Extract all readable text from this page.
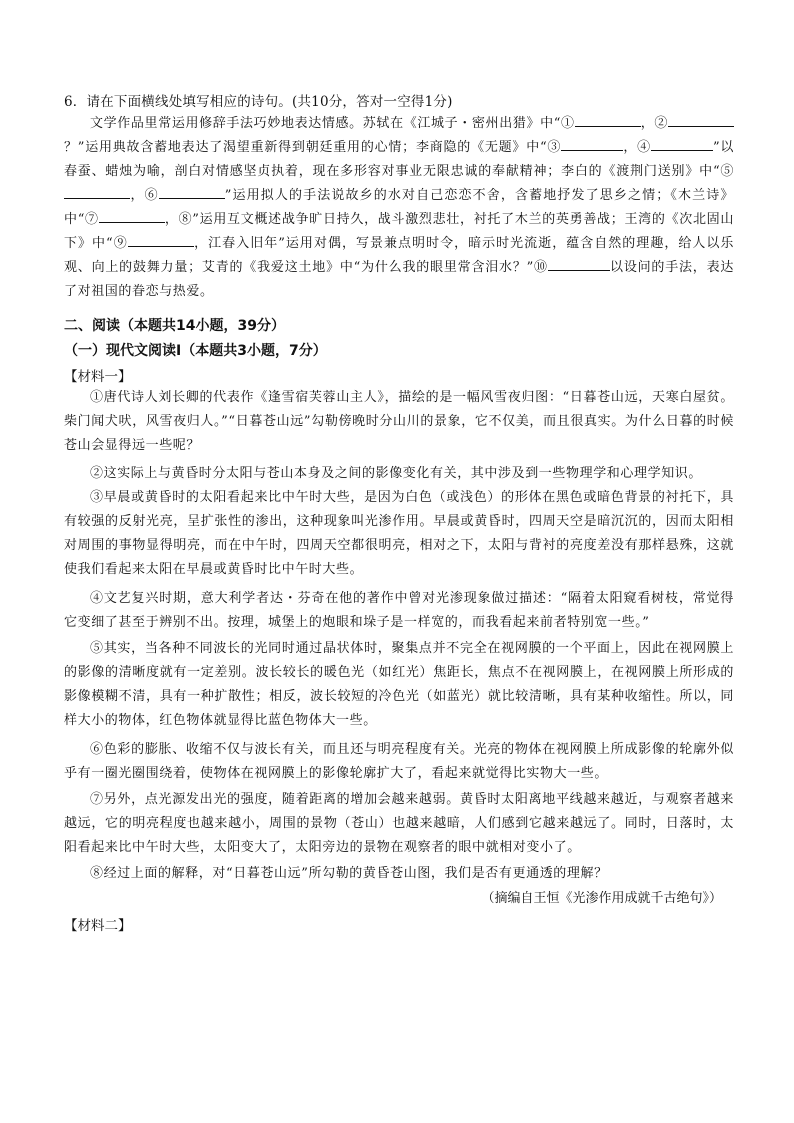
6．请在下面横线处填写相应的诗句。(共10分，答对一空得1分)
文学作品里常运用修辞手法巧妙地表达情感。苏轼在《江城子・密州出猎》中“①	，②？”运用典故含蓄地表达了渴望重新得到朝廷重用的心情；李商隐的《无题》中“③	，④	”以春蚕、蜡烛为喻，剖白对情感坚贞执着，现在多形容对事业无限忠诚的奉献精神；李白的《渡荆门送别》中“⑤，⑥	”运用拟人的手法说故乡的水对自己恋恋不舍，含蓄地抒发了思乡之情；《木兰诗》中“⑦	，⑧”运用互文概述战争旷日持久，战斗激烈悲壮，衬托了木兰的英勇善战；王湾的《次北固山下》中“⑨	，江春入旧年”运用对偶，写景兼点明时令，暗示时光流逝，蕴含自然的理趣，给人以乐观、向上的鼓舞力量；艾青的《我爱这土地》中“为什么我的眼里常含泪水？”⑩	以设问的手法，表达了对祖国的眷恋与热爱。
二、阅读（本题共14小题，39分）
（一）现代文阅读Ⅰ（本题共3小题，7分）
【材料一】
①唐代诗人刘长卿的代表作《逢雪宿芙蓉山主人》，描绘的是一幅风雪夜归图：“日暮苍山远，天寒白屋贫。柴门闻犬吠，风雪夜归人。”“日暮苍山远”勾勒傍晚时分山川的景象，它不仅美，而且很真实。为什么日暮的时候苍山会显得远一些呢？
②这实际上与黄昏时分太阳与苍山本身及之间的影像变化有关，其中涉及到一些物理学和心理学知识。
③早晨或黄昏时的太阳看起来比中午时大些，是因为白色（或浅色）的形体在黑色或暗色背景的衬托下，具有较强的反射光亮，呈扩张性的渗出，这种现象叫光渗作用。早晨或黄昏时，四周天空是暗沉沉的，因而太阳相对周围的事物显得明亮，而在中午时，四周天空都很明亮，相对之下，太阳与背衬的亮度差没有那样悬殊，这就使我们看起来太阳在早晨或黄昏时比中午时大些。
④文艺复兴时期，意大利学者达・芬奇在他的著作中曾对光渗现象做过描述：“隔着太阳窥看树枝，常觉得它变细了甚至于辨别不出。按理，城堡上的炮眼和垛子是一样宽的，而我看起来前者特别宽一些。”
⑤其实，当各种不同波长的光同时通过晶状体时，聚集点并不完全在视网膜的一个平面上，因此在视网膜上的影像的清晰度就有一定差别。波长较长的暖色光（如红光）焦距长，焦点不在视网膜上，在视网膜上所形成的影像模糊不清，具有一种扩散性；相反，波长较短的冷色光（如蓝光）就比较清晰，具有某种收缩性。所以，同样大小的物体，红色物体就显得比蓝色物体大一些。
⑥色彩的膨胀、收缩不仅与波长有关，而且还与明亮程度有关。光亮的物体在视网膜上所成影像的轮廓外似乎有一圈光圈围绕着，使物体在视网膜上的影像轮廓扩大了，看起来就觉得比实物大一些。
⑦另外，点光源发出光的强度，随着距离的增加会越来越弱。黄昏时太阳离地平线越来越近，与观察者越来越远，它的明亮程度也越来越小，周围的景物（苍山）也越来越暗，人们感到它越来越远了。同时，日落时，太阳看起来比中午时大些，太阳变大了，太阳旁边的景物在观察者的眼中就相对变小了。
⑧经过上面的解释，对“日暮苍山远”所勾勒的黄昏苍山图，我们是否有更通透的理解？
（摘编自王恒《光渗作用成就千古绝句》）
【材料二】
